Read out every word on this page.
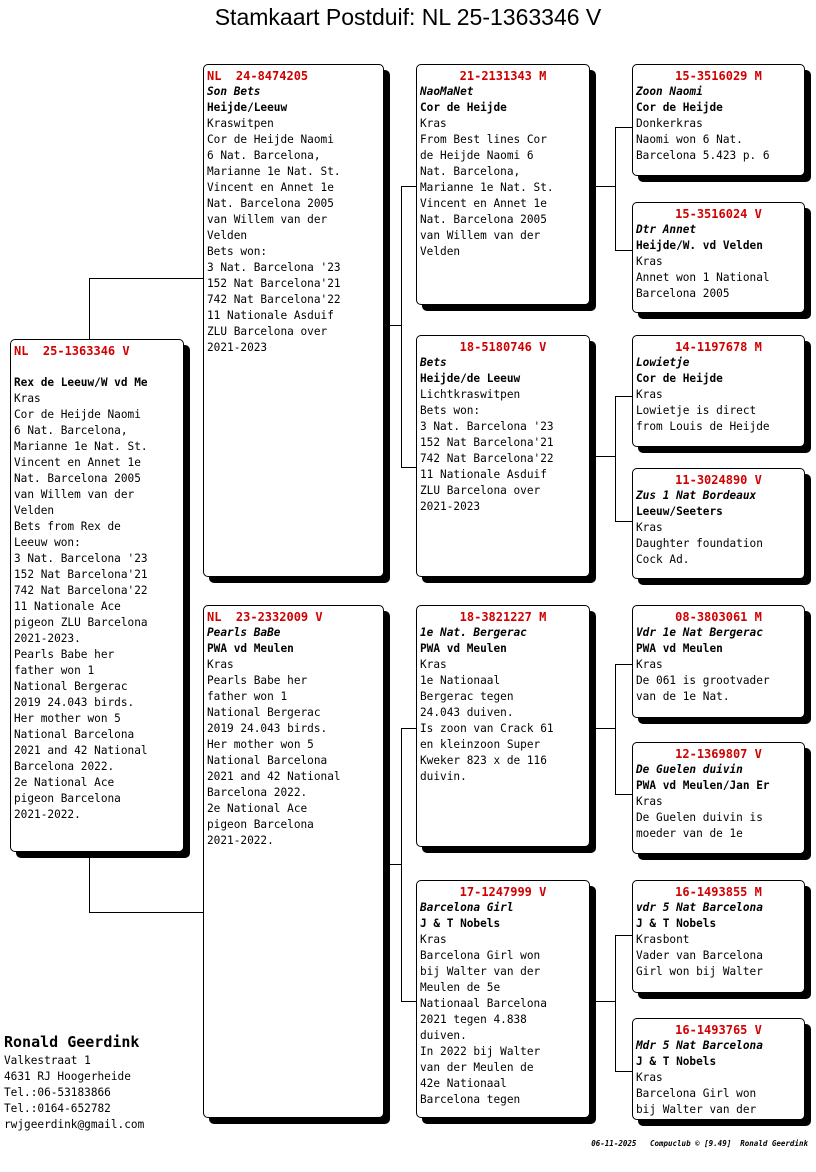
Stamkaart Postduif: NL 25-1363346 V
NL  25-1363346 V
Rex de Leeuw/W vd Me
Kras
Cor de Heijde Naomi
6 Nat. Barcelona,
Marianne 1e Nat. St.
Vincent en Annet 1e
Nat. Barcelona 2005
van Willem van der
Velden
Bets from Rex de
Leeuw won:
3 Nat. Barcelona '23
152 Nat Barcelona'21
742 Nat Barcelona'22
11 Nationale Ace
pigeon ZLU Barcelona
2021-2023.
Pearls Babe her
father won 1
National Bergerac
2019 24.043 birds.
Her mother won 5
National Barcelona
2021 and 42 National
Barcelona 2022.
2e National Ace
pigeon Barcelona
2021-2022.
NL  24-8474205
Son Bets
Heijde/Leeuw
Kraswitpen
Cor de Heijde Naomi
6 Nat. Barcelona,
Marianne 1e Nat. St.
Vincent en Annet 1e
Nat. Barcelona 2005
van Willem van der
Velden
Bets won:
3 Nat. Barcelona '23
152 Nat Barcelona'21
742 Nat Barcelona'22
11 Nationale Asduif
ZLU Barcelona over
2021-2023
NL  23-2332009 V
Pearls BaBe
PWA vd Meulen
Kras
Pearls Babe her
father won 1
National Bergerac
2019 24.043 birds.
Her mother won 5
National Barcelona
2021 and 42 National
Barcelona 2022.
2e National Ace
pigeon Barcelona
2021-2022.
21-2131343 M
NaoMaNet
Cor de Heijde
Kras
From Best lines Cor
de Heijde Naomi 6
Nat. Barcelona,
Marianne 1e Nat. St.
Vincent en Annet 1e
Nat. Barcelona 2005
van Willem van der
Velden
18-5180746 V
Bets
Heijde/de Leeuw
Lichtkraswitpen
Bets won:
3 Nat. Barcelona '23
152 Nat Barcelona'21
742 Nat Barcelona'22
11 Nationale Asduif
ZLU Barcelona over
2021-2023
18-3821227 M
1e Nat. Bergerac
PWA vd Meulen
Kras
1e Nationaal
Bergerac tegen
24.043 duiven.
Is zoon van Crack 61
en kleinzoon Super
Kweker 823 x de 116
duivin.
17-1247999 V
Barcelona Girl
J & T Nobels
Kras
Barcelona Girl won
bij Walter van der
Meulen de 5e
Nationaal Barcelona
2021 tegen 4.838
duiven.
In 2022 bij Walter
van der Meulen de
42e Nationaal
Barcelona tegen
15-3516029 M
Zoon Naomi
Cor de Heijde
Donkerkras
Naomi won 6 Nat.
Barcelona 5.423 p. 6
15-3516024 V
Dtr Annet
Heijde/W. vd Velden
Kras
Annet won 1 National
Barcelona 2005
14-1197678 M
Lowietje
Cor de Heijde
Kras
Lowietje is direct
from Louis de Heijde
11-3024890 V
Zus 1 Nat Bordeaux
Leeuw/Seeters
Kras
Daughter foundation
Cock Ad.
08-3803061 M
Vdr 1e Nat Bergerac
PWA vd Meulen
Kras
De 061 is grootvader
van de 1e Nat.
12-1369807 V
De Guelen duivin
PWA vd Meulen/Jan Er
Kras
De Guelen duivin is
moeder van de 1e
16-1493855 M
vdr 5 Nat Barcelona
J & T Nobels
Krasbont
Vader van Barcelona
Girl won bij Walter
16-1493765 V
Mdr 5 Nat Barcelona
J & T Nobels
Kras
Barcelona Girl won
bij Walter van der
Ronald Geerdink
Valkestraat 1
4631 RJ Hoogerheide
Tel.:06-53183866
Tel.:0164-652782
rwjgeerdink@gmail.com
06-11-2025   Compuclub © [9.49]  Ronald Geerdink
